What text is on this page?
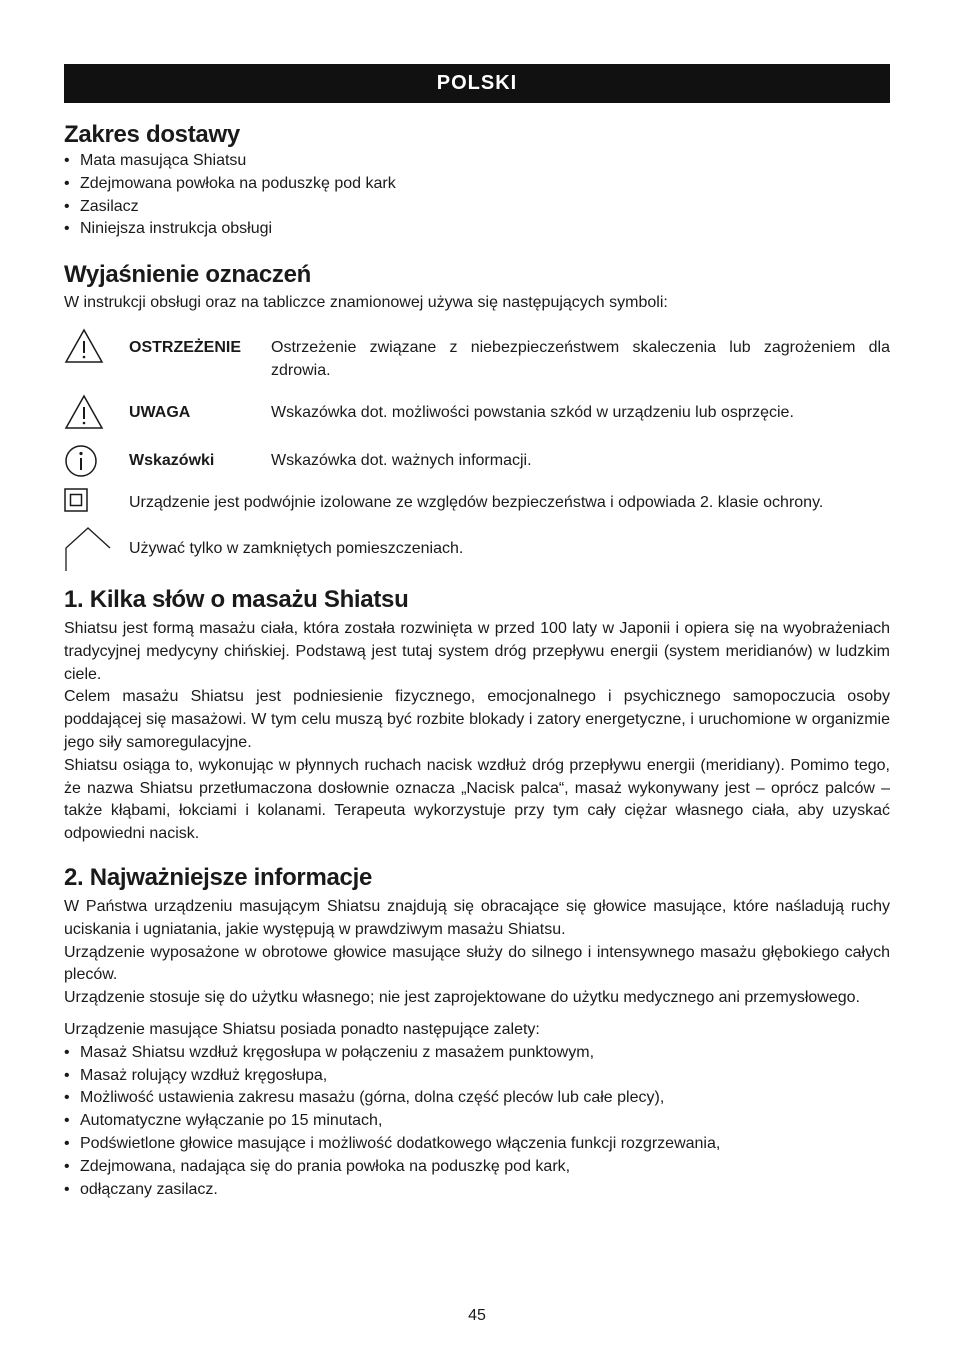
POLSKI
Zakres dostawy
• Mata masująca Shiatsu
• Zdejmowana powłoka na poduszkę pod kark
• Zasilacz
• Niniejsza instrukcja obsługi
Wyjaśnienie oznaczeń

W instrukcji obsługi oraz na tabliczce znamionowej używa się następujących symboli:

OSTRZEŻENIE Ostrzeżenie związane z niebezpieczeństwem skaleczenia lub zagrożeniem dla zdrowia.
UWAGA	Wskazówka dot. możliwości powstania szkód w urządzeniu lub osprzęcie.
Wskazówki	Wskazówka dot. ważnych informacji.
Urządzenie jest podwójnie izolowane ze względów bezpieczeństwa i odpowiada 2. klasie ochrony.
Używać tylko w zamkniętych pomieszczeniach.
1. Kilka słów o masażu Shiatsu

Shiatsu jest formą masażu ciała, która została rozwinięta w przed 100 laty w Japonii i opiera się na wyobrażeniach tradycyjnej medycyny chińskiej. Podstawą jest tutaj system dróg przepływu energii (system meridianów) w ludzkim ciele.

Celem masażu Shiatsu jest podniesienie fizycznego, emocjonalnego i psychicznego samopoczucia osoby poddającej się masażowi. W tym celu muszą być rozbite blokady i zatory energetyczne, i uruchomione w organizmie jego siły samoregulacyjne.

Shiatsu osiąga to, wykonując w płynnych ruchach nacisk wzdłuż dróg przepływu energii (meridiany). Pomimo tego, że nazwa Shiatsu przetłumaczona dosłownie oznacza „Nacisk palca“, masaż wykonywany jest – oprócz palców – także kłąbami, łokciami i kolanami. Terapeuta wykorzystuje przy tym cały ciężar własnego ciała, aby uzyskać odpowiedni nacisk.

2. Najważniejsze informacje

W Państwa urządzeniu masującym Shiatsu znajdują się obracające się głowice masujące, które naśladują ruchy uciskania i ugniatania, jakie występują w prawdziwym masażu Shiatsu.

Urządzenie wyposażone w obrotowe głowice masujące służy do silnego i intensywnego masażu głębokiego całych pleców.

Urządzenie stosuje się do użytku własnego; nie jest zaprojektowane do użytku medycznego ani przemysłowego.

Urządzenie masujące Shiatsu posiada ponadto następujące zalety:

• Masaż Shiatsu wzdłuż kręgosłupa w połączeniu z masażem punktowym,
• Masaż rolujący wzdłuż kręgosłupa,
• Możliwość ustawienia zakresu masażu (górna, dolna część pleców lub całe plecy),
• Automatyczne wyłączanie po 15 minutach,
• Podświetlone głowice masujące i możliwość dodatkowego włączenia funkcji rozgrzewania,
• Zdejmowana, nadająca się do prania powłoka na poduszkę pod kark,
• odłączany zasilacz.
45
